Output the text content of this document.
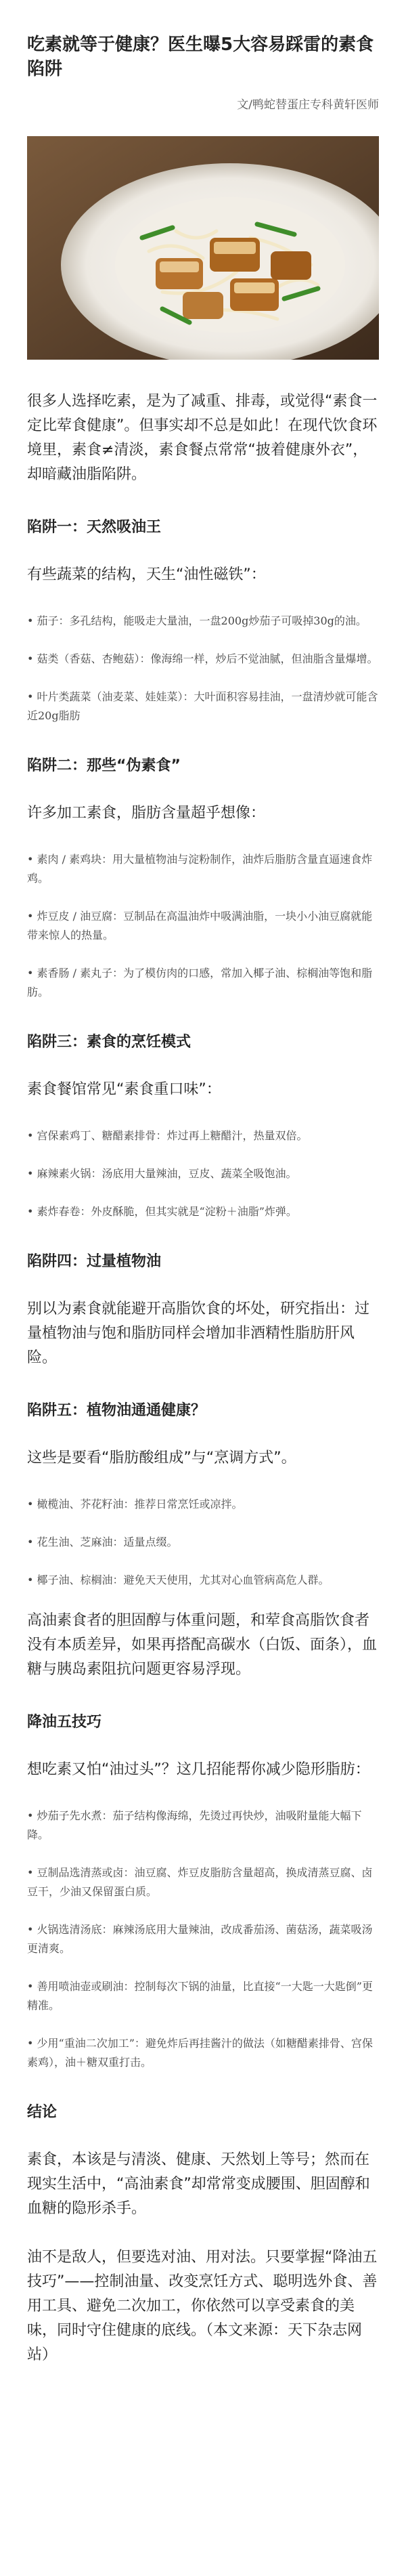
吃素就等于健康？医生曝5大容易踩雷的素食陷阱
文/鸭蛇替蛋庄专科黄轩医师
很多人选择吃素，是为了减重、排毒，或觉得“素食一定比荤食健康”。但事实却不总是如此！在现代饮食环境里，素食≠清淡，素食餐点常常“披着健康外衣”，却暗藏油脂陷阱。
陷阱一：天然吸油王
有些蔬菜的结构，天生“油性磁铁”：
• 茄子：多孔结构，能吸走大量油，一盘200g炒茄子可吸掉30g的油。
• 菇类（香菇、杏鲍菇）：像海绵一样，炒后不觉油腻，但油脂含量爆增。
• 叶片类蔬菜（油麦菜、娃娃菜）：大叶面积容易挂油，一盘清炒就可能含近20g脂肪
陷阱二：那些“伪素食”
许多加工素食，脂肪含量超乎想像：
• 素肉 / 素鸡块：用大量植物油与淀粉制作，油炸后脂肪含量直逼速食炸鸡。
• 炸豆皮 / 油豆腐：豆制品在高温油炸中吸满油脂，一块小小油豆腐就能带来惊人的热量。
• 素香肠 / 素丸子：为了模仿肉的口感，常加入椰子油、棕榈油等饱和脂肪。
陷阱三：素食的烹饪模式
素食餐馆常见“素食重口味”：
• 宫保素鸡丁、糖醋素排骨：炸过再上糖醋汁，热量双倍。
• 麻辣素火锅：汤底用大量辣油，豆皮、蔬菜全吸饱油。
• 素炸春卷：外皮酥脆，但其实就是“淀粉＋油脂”炸弹。
陷阱四：过量植物油
别以为素食就能避开高脂饮食的坏处，研究指出：过量植物油与饱和脂肪同样会增加非酒精性脂肪肝风险。
陷阱五：植物油通通健康？
这些是要看“脂肪酸组成”与“烹调方式”。
• 橄榄油、芥花籽油：推荐日常烹饪或凉拌。
• 花生油、芝麻油：适量点缀。
• 椰子油、棕榈油：避免天天使用，尤其对心血管病高危人群。
高油素食者的胆固醇与体重问题，和荤食高脂饮食者没有本质差异，如果再搭配高碳水（白饭、面条），血糖与胰岛素阻抗问题更容易浮现。
降油五技巧
想吃素又怕“油过头”？这几招能帮你减少隐形脂肪：
• 炒茄子先水煮：茄子结构像海绵，先烫过再快炒，油吸附量能大幅下降。
• 豆制品选清蒸或卤：油豆腐、炸豆皮脂肪含量超高，换成清蒸豆腐、卤豆干，少油又保留蛋白质。
• 火锅选清汤底：麻辣汤底用大量辣油，改成番茄汤、菌菇汤，蔬菜吸汤更清爽。
• 善用喷油壶或刷油：控制每次下锅的油量，比直接“一大匙一大匙倒”更精准。
• 少用“重油二次加工”：避免炸后再挂酱汁的做法（如糖醋素排骨、宫保素鸡），油＋糖双重打击。
结论
素食，本该是与清淡、健康、天然划上等号；然而在现实生活中，“高油素食”却常常变成腰围、胆固醇和血糖的隐形杀手。
油不是敌人，但要选对油、用对法。只要掌握“降油五技巧”——控制油量、改变烹饪方式、聪明选外食、善用工具、避免二次加工，你依然可以享受素食的美味，同时守住健康的底线。（本文来源：天下杂志网站）
